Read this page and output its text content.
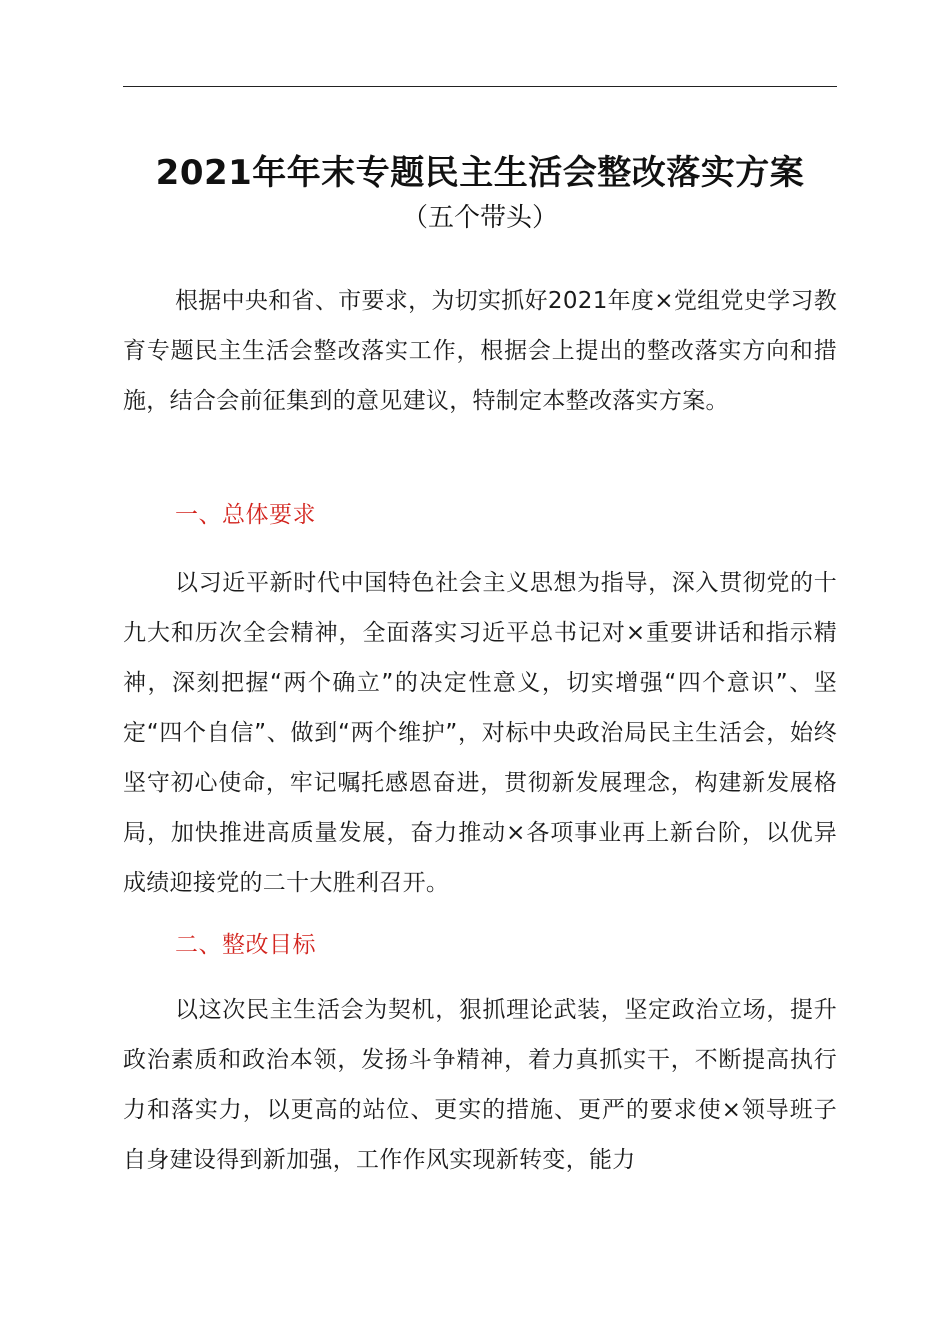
2021年年末专题民主生活会整改落实方案
（五个带头）

根据中央和省、市要求，为切实抓好2021年度×党组党史学习教育专题民主生活会整改落实工作，根据会上提出的整改落实方向和措施，结合会前征集到的意见建议，特制定本整改落实方案。

一、总体要求

以习近平新时代中国特色社会主义思想为指导，深入贯彻党的十九大和历次全会精神，全面落实习近平总书记对×重要讲话和指示精神，深刻把握“两个确立”的决定性意义，切实增强“四个意识”、坚定“四个自信”、做到“两个维护”，对标中央政治局民主生活会，始终坚守初心使命，牢记嘱托感恩奋进，贯彻新发展理念，构建新发展格局，加快推进高质量发展，奋力推动×各项事业再上新台阶，以优异成绩迎接党的二十大胜利召开。

二、整改目标

以这次民主生活会为契机，狠抓理论武装，坚定政治立场，提升政治素质和政治本领，发扬斗争精神，着力真抓实干，不断提高执行力和落实力，以更高的站位、更实的措施、更严的要求使×领导班子自身建设得到新加强，工作作风实现新转变，能力
